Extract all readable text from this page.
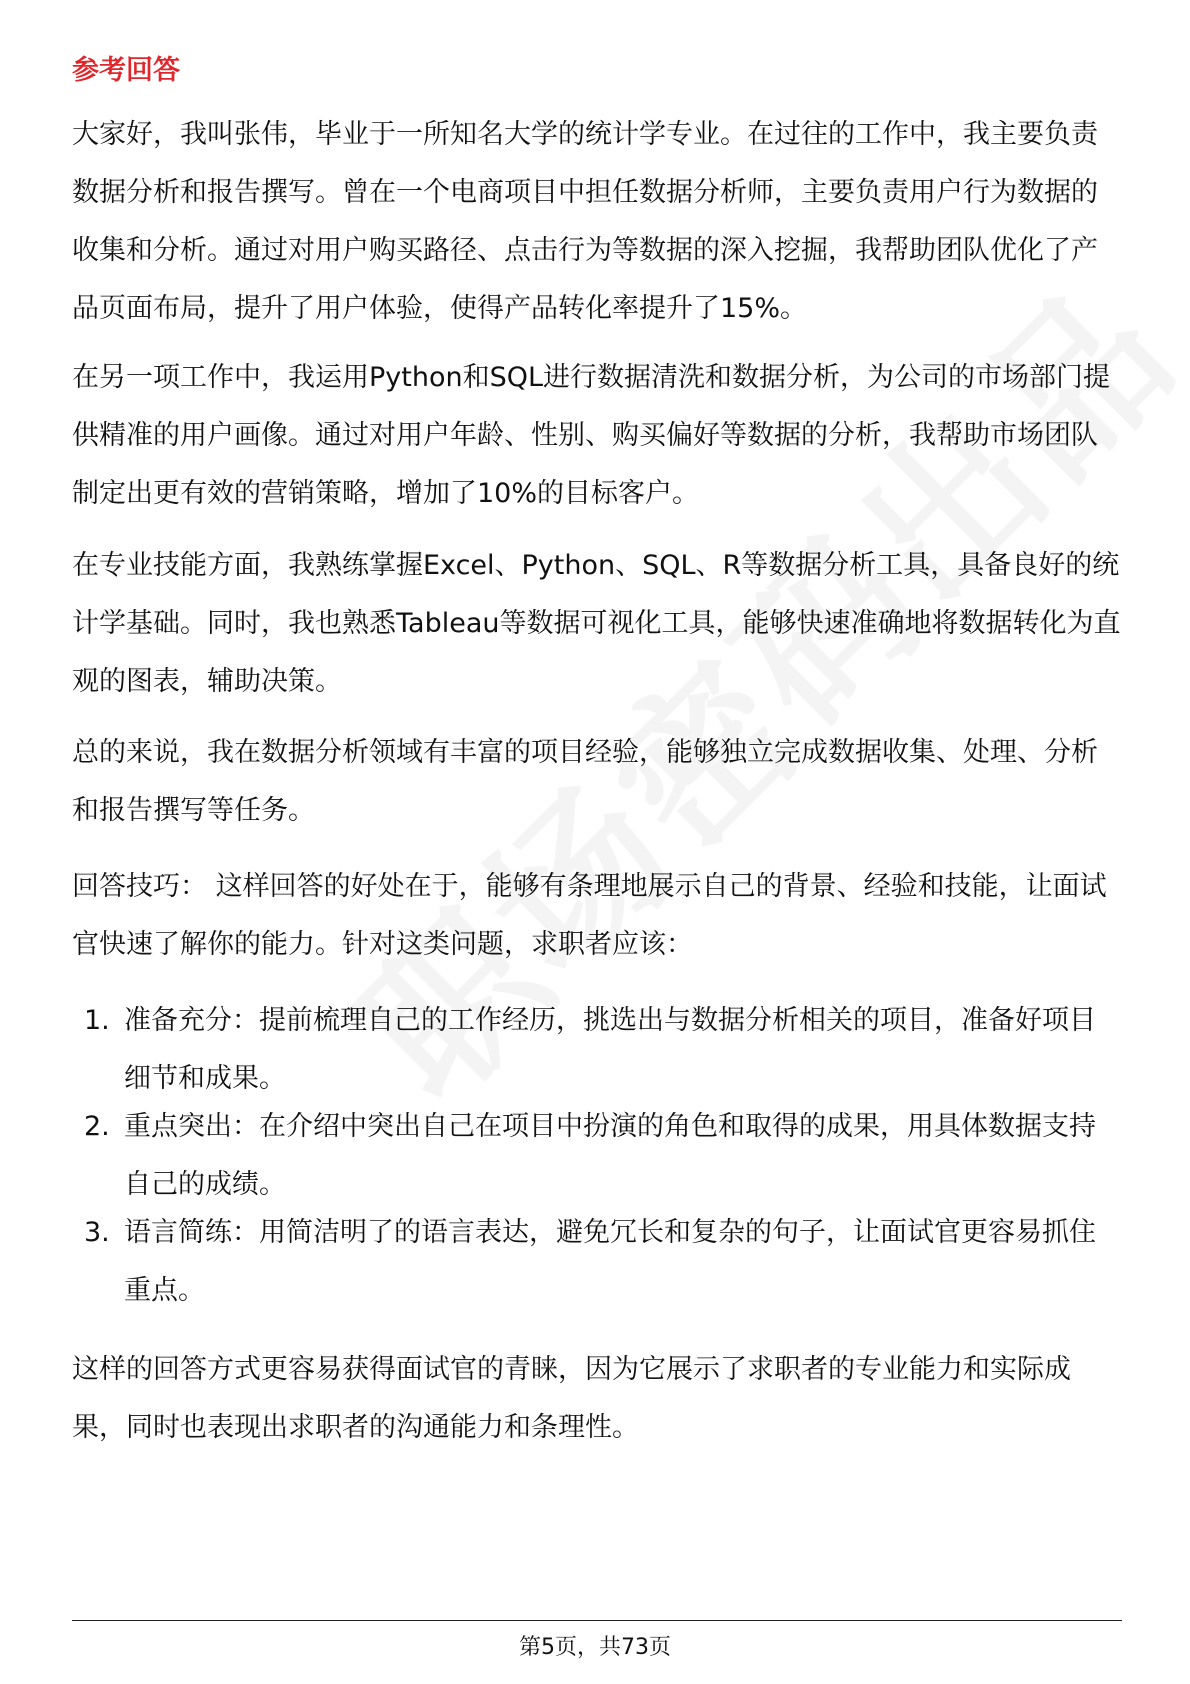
参考回答

大家好，我叫张伟，毕业于一所知名大学的统计学专业。在过往的工作中，我主要负责数据分析和报告撰写。曾在一个电商项目中担任数据分析师，主要负责用户行为数据的收集和分析。通过对用户购买路径、点击行为等数据的深入挖掘，我帮助团队优化了产品页面布局，提升了用户体验，使得产品转化率提升了15%。

在另一项工作中，我运用Python和SQL进行数据清洗和数据分析，为公司的市场部门提供精准的用户画像。通过对用户年龄、性别、购买偏好等数据的分析，我帮助市场团队制定出更有效的营销策略，增加了10%的目标客户。

在专业技能方面，我熟练掌握Excel、Python、SQL、R等数据分析工具，具备良好的统计学基础。同时，我也熟悉Tableau等数据可视化工具，能够快速准确地将数据转化为直观的图表，辅助决策。

总的来说，我在数据分析领域有丰富的项目经验，能够独立完成数据收集、处理、分析和报告撰写等任务。

回答技巧： 这样回答的好处在于，能够有条理地展示自己的背景、经验和技能，让面试官快速了解你的能力。针对这类问题，求职者应该：

1. 准备充分：提前梳理自己的工作经历，挑选出与数据分析相关的项目，准备好项目细节和成果。
2. 重点突出：在介绍中突出自己在项目中扮演的角色和取得的成果，用具体数据支持自己的成绩。
3. 语言简练：用简洁明了的语言表达，避免冗长和复杂的句子，让面试官更容易抓住重点。

这样的回答方式更容易获得面试官的青睐，因为它展示了求职者的专业能力和实际成果，同时也表现出求职者的沟通能力和条理性。

第5页，共73页
